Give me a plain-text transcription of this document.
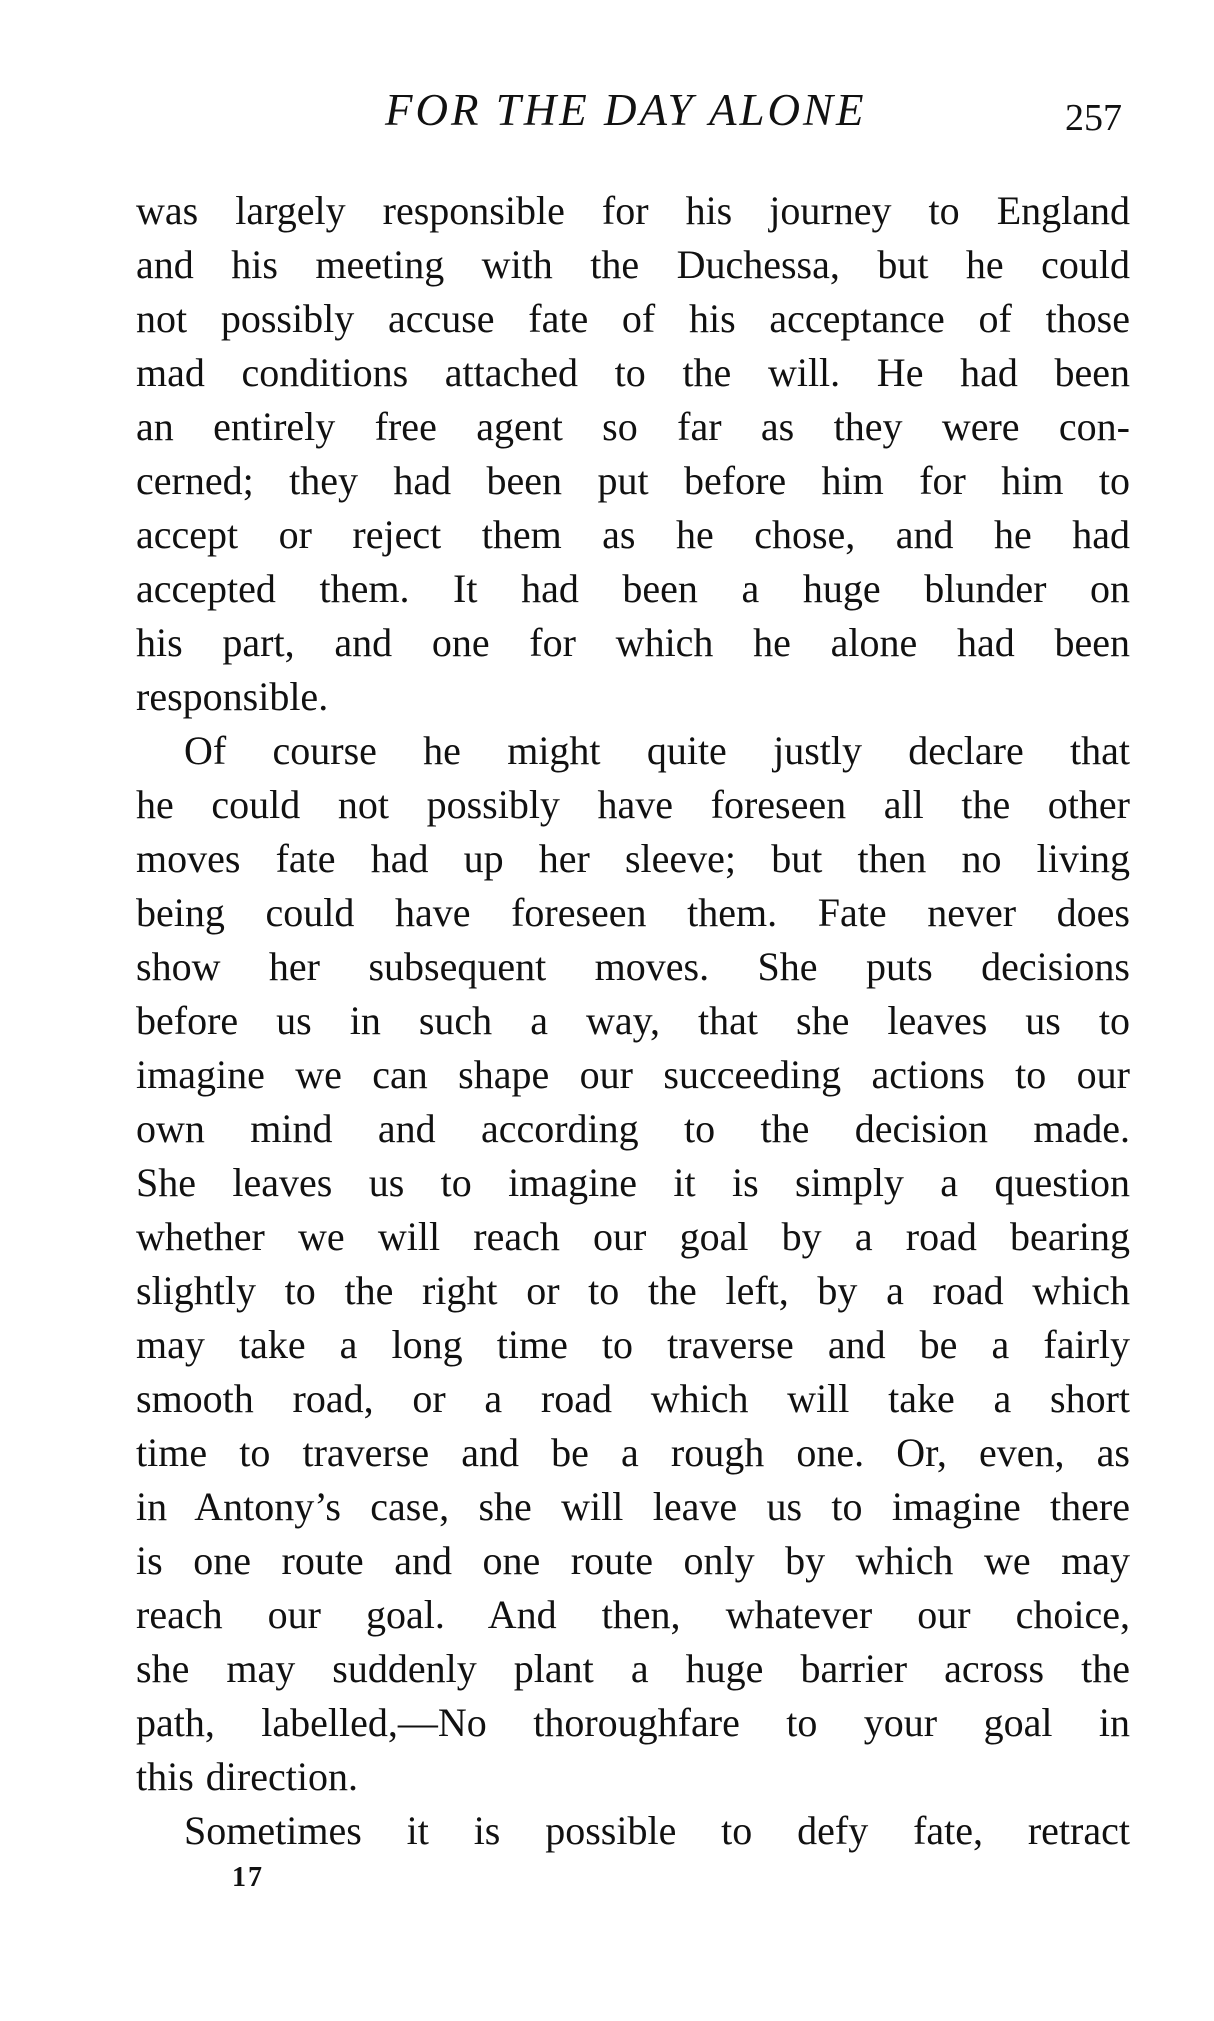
FOR THE DAY ALONE	257
was largely responsible for his journey to England
and his meeting with the Duchessa, but he could
not possibly accuse fate of his acceptance of those
mad conditions attached to the will. He had been
an entirely free agent so far as they were con-
cerned; they had been put before him for him to
accept or reject them as he chose, and he had
accepted them. It had been a huge blunder on
his part, and one for which he alone had been
responsible.
Of course he might quite justly declare that
he could not possibly have foreseen all the other
moves fate had up her sleeve; but then no living
being could have foreseen them. Fate never does
show her subsequent moves. She puts decisions
before us in such a way, that she leaves us to
imagine we can shape our succeeding actions to our
own mind and according to the decision made.
She leaves us to imagine it is simply a question
whether we will reach our goal by a road bearing
slightly to the right or to the left, by a road which
may take a long time to traverse and be a fairly
smooth road, or a road which will take a short
time to traverse and be a rough one. Or, even, as
in Antony’s case, she will leave us to imagine there
is one route and one route only by which we may
reach our goal. And then, whatever our choice,
she may suddenly plant a huge barrier across the
path, labelled,—No thoroughfare to your goal in
this direction.
Sometimes it is possible to defy fate, retract
17
